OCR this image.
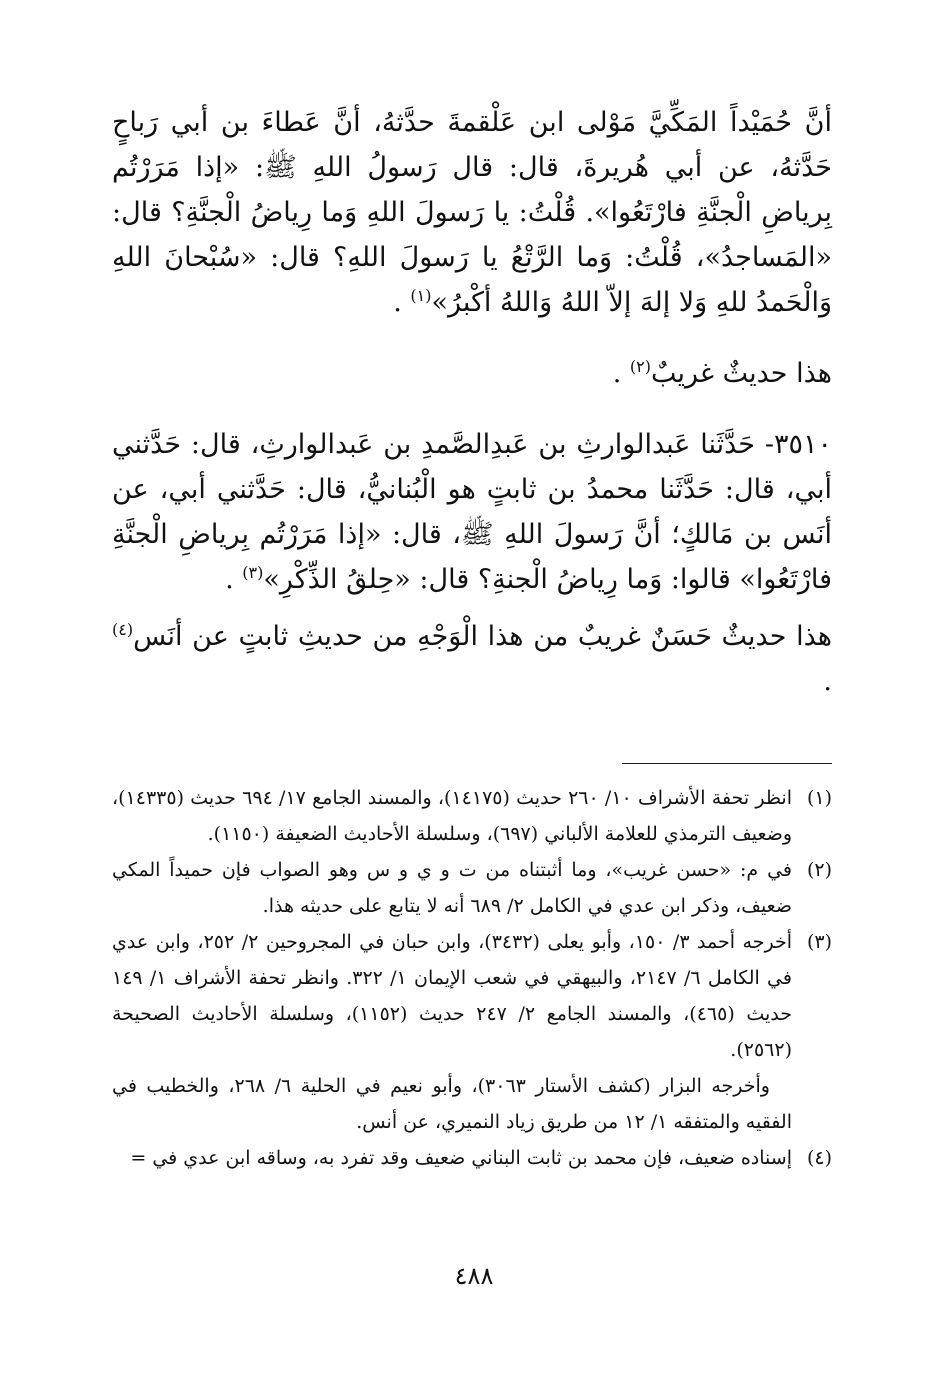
أنَّ حُمَيْداً المَكِّيَّ مَوْلى ابن عَلْقمةَ حدَّثهُ، أنَّ عَطاءَ بن أبي رَباحٍ حَدَّثهُ، عن أبي هُريرةَ، قال: قال رَسولُ اللهِ ﷺ: «إذا مَرَرْتُم بِرياضِ الْجنَّةِ فارْتَعُوا». قُلْتُ: يا رَسولَ اللهِ وَما رِياضُ الْجنَّةِ؟ قال: «المَساجدُ»، قُلْتُ: وَما الرَّتْعُ يا رَسولَ اللهِ؟ قال: «سُبْحانَ اللهِ وَالْحَمدُ للهِ وَلا إلهَ إلاّ اللهُ وَاللهُ أكْبرُ»$^{(١)}$ .

هذا حديثٌ غريبٌ$^{(٢)}$ .

٣٥١٠- حَدَّثَنا عَبدالوارثِ بن عَبدِالصَّمدِ بن عَبدالوارثِ، قال: حَدَّثني أبي، قال: حَدَّثَنا محمدُ بن ثابتٍ هو الْبُنانيُّ، قال: حَدَّثني أبي، عن أنَس بن مَالكٍ؛ أنَّ رَسولَ اللهِ ﷺ، قال: «إذا مَرَرْتُم بِرياضِ الْجنَّةِ فارْتَعُوا» قالوا: وَما رِياضُ الْجنةِ؟ قال: «حِلقُ الذِّكْرِ»$^{(٣)}$ .

هذا حديثٌ حَسَنٌ غريبٌ من هذا الْوَجْهِ من حديثِ ثابتٍ عن أنَس$^{(٤)}$ .

(١)

انظر تحفة الأشراف ١٠/ ٢٦٠ حديث (١٤١٧٥)، والمسند الجامع ١٧/ ٦٩٤ حديث (١٤٣٣٥)، وضعيف الترمذي للعلامة الألباني (٦٩٧)، وسلسلة الأحاديث الضعيفة (١١٥٠).

(٢)

في م: «حسن غريب»، وما أثبتناه من ت و ي و س وهو الصواب فإن حميداً المكي ضعيف، وذكر ابن عدي في الكامل ٢/ ٦٨٩ أنه لا يتابع على حديثه هذا.

(٣)

أخرجه أحمد ٣/ ١٥٠، وأبو يعلى (٣٤٣٢)، وابن حبان في المجروحين ٢/ ٢٥٢، وابن عدي في الكامل ٦/ ٢١٤٧، والبيهقي في شعب الإيمان ١/ ٣٢٢. وانظر تحفة الأشراف ١/ ١٤٩ حديث (٤٦٥)، والمسند الجامع ٢/ ٢٤٧ حديث (١١٥٢)، وسلسلة الأحاديث الصحيحة (٢٥٦٢).

وأخرجه البزار (كشف الأستار ٣٠٦٣)، وأبو نعيم في الحلية ٦/ ٢٦٨، والخطيب في الفقيه والمتفقه ١/ ١٢ من طريق زياد النميري، عن أنس.

(٤)

إسناده ضعيف، فإن محمد بن ثابت البناني ضعيف وقد تفرد به، وساقه ابن عدي في =

٤٨٨
